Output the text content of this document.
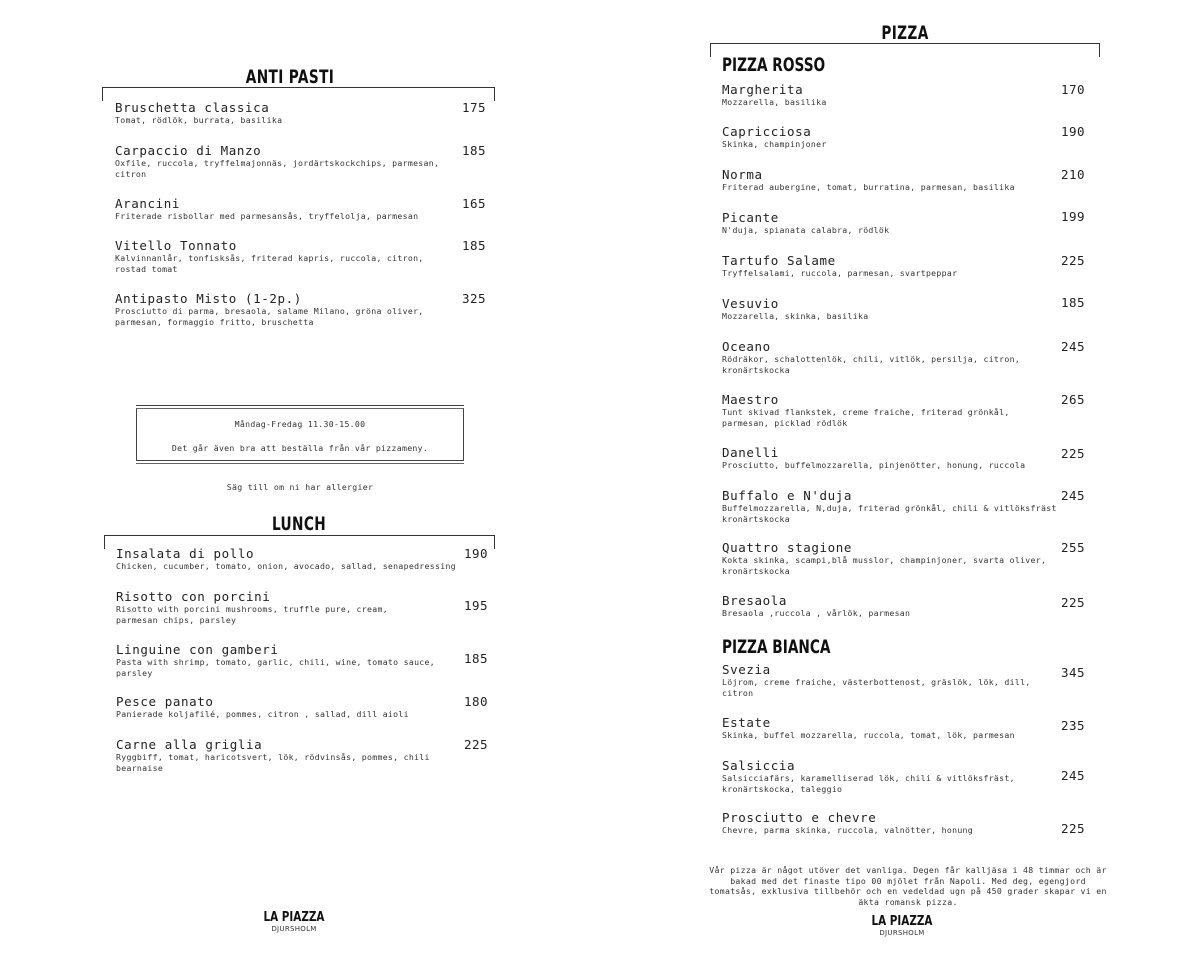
ANTI PASTI
Bruschetta classica
Tomat, rödlök, burrata, basilika
175
Carpaccio di Manzo
Oxfile, ruccola, tryffelmajonnäs, jordärtskockchips, parmesan, citron
185
Arancini
Friterade risbollar med parmesansås, tryffelolja, parmesan
165
Vitello Tonnato
Kalvinnanlår, tonfisksås, friterad kapris, ruccola, citron, rostad tomat
185
Antipasto Misto (1-2p.)
Prosciutto di parma, bresaola, salame Milano, gröna oliver, parmesan, formaggio fritto, bruschetta
325
Måndag-Fredag 11.30-15.00
Det går även bra att beställa från vår pizzameny.
Säg till om ni har allergier
LUNCH
Insalata di pollo
Chicken, cucumber, tomato, onion, avocado, sallad, senapedressing
190
Risotto con porcini
Risotto with porcini mushrooms, truffle pure, cream, parmesan chips, parsley
195
Linguine con gamberi
Pasta with shrimp, tomato, garlic, chili, wine, tomato sauce, parsley
185
Pesce panato
Panierade koljafilé, pommes, citron , sallad, dill aioli
180
Carne alla griglia
Ryggbiff, tomat, haricotsvert, lök, rödvinsås, pommes, chili bearnaise
225
LA PIAZZA
DJURSHOLM
PIZZA
PIZZA ROSSO
Margherita
Mozzarella, basilika
170
Capricciosa
Skinka, champinjoner
190
Norma
Friterad aubergine, tomat, burratina, parmesan, basilika
210
Picante
N'duja, spianata calabra, rödlök
199
Tartufo Salame
Tryffelsalami, ruccola, parmesan, svartpeppar
225
Vesuvio
Mozzarella, skinka, basilika
185
Oceano
Rödräkor, schalottenlök, chili, vitlök, persilja, citron, kronärtskocka
245
Maestro
Tunt skivad flankstek, creme fraiche, friterad grönkål, parmesan, picklad rödlök
265
Danelli
Prosciutto, buffelmozzarella, pinjenötter, honung, ruccola
225
Buffalo e N'duja
Buffelmozzarella, N,duja, friterad grönkål, chili & vitlöksfräst kronärtskocka
245
Quattro stagione
Kokta skinka, scampi,blå musslor, champinjoner, svarta oliver, kronärtskocka
255
Bresaola
Bresaola ,ruccola , vårlök, parmesan
225
PIZZA BIANCA
Svezia
Löjrom, creme fraiche, västerbottenost, gräslök, lök, dill, citron
345
Estate
Skinka, buffel mozzarella, ruccola, tomat, lök, parmesan
235
Salsiccia
Salsicciafärs, karamelliserad lök, chili & vitlöksfräst, kronärtskocka, taleggio
245
Prosciutto e chevre
Chevre, parma skinka, ruccola, valnötter, honung	225
Vår pizza är något utöver det vanliga. Degen får kalljäsa i 48 timmar och är bakad med det finaste tipo 00 mjölet från Napoli. Med deg, egengjord tomatsås, exklusiva tillbehör och en vedeldad ugn på 450 grader skapar vi en äkta romansk pizza.
LA PIAZZA
DJURSHOLM
